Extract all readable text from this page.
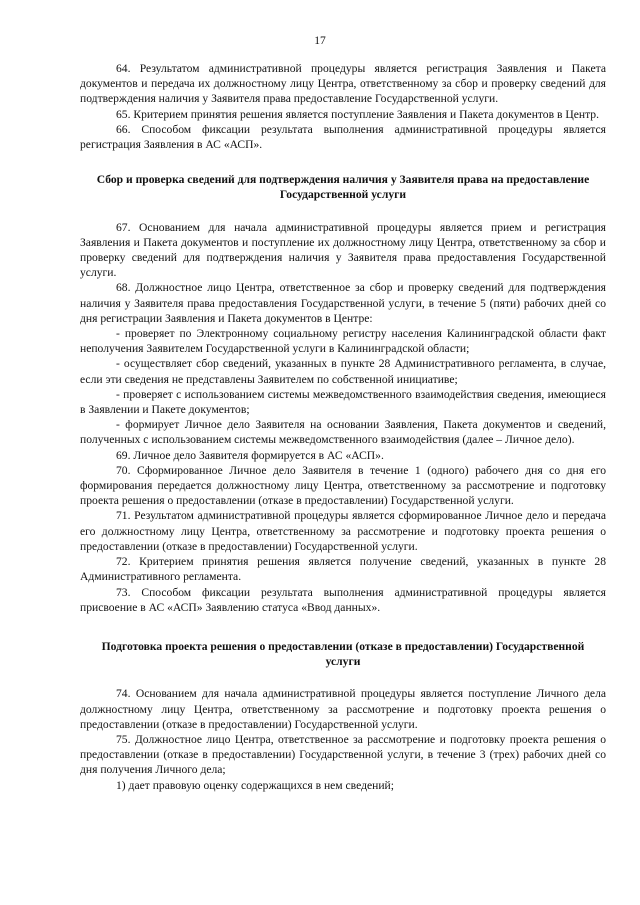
17

64. Результатом административной процедуры является регистрация Заявления и Пакета документов и передача их должностному лицу Центра, ответственному за сбор и проверку сведений для подтверждения наличия у Заявителя права предоставление Государственной услуги.

65. Критерием принятия решения является поступление Заявления и Пакета документов в Центр.

66. Способом фиксации результата выполнения административной процедуры является регистрация Заявления в АС «АСП».

Сбор и проверка сведений для подтверждения наличия у Заявителя права на предоставление Государственной услуги

67. Основанием для начала административной процедуры является прием и регистрация Заявления и Пакета документов и поступление их должностному лицу Центра, ответственному за сбор и проверку сведений для подтверждения наличия у Заявителя права предоставления Государственной услуги.

68. Должностное лицо Центра, ответственное за сбор и проверку сведений для подтверждения наличия у Заявителя права предоставления Государственной услуги, в течение 5 (пяти) рабочих дней со дня регистрации Заявления и Пакета документов в Центре:

- проверяет по Электронному социальному регистру населения Калининградской области факт неполучения Заявителем Государственной услуги в Калининградской области;

- осуществляет сбор сведений, указанных в пункте 28 Административного регламента, в случае, если эти сведения не представлены Заявителем по собственной инициативе;

- проверяет с использованием системы межведомственного взаимодействия сведения, имеющиеся в Заявлении и Пакете документов;

- формирует Личное дело Заявителя на основании Заявления, Пакета документов и сведений, полученных с использованием системы межведомственного взаимодействия (далее – Личное дело).

69. Личное дело Заявителя формируется в АС «АСП».

70. Сформированное Личное дело Заявителя в течение 1 (одного) рабочего дня со дня его формирования передается должностному лицу Центра, ответственному за рассмотрение и подготовку проекта решения о предоставлении (отказе в предоставлении) Государственной услуги.

71. Результатом административной процедуры является сформированное Личное дело и передача его должностному лицу Центра, ответственному за рассмотрение и подготовку проекта решения о предоставлении (отказе в предоставлении) Государственной услуги.

72. Критерием принятия решения является получение сведений, указанных в пункте 28 Административного регламента.

73. Способом фиксации результата выполнения административной процедуры является присвоение в АС «АСП» Заявлению статуса «Ввод данных».

Подготовка проекта решения о предоставлении (отказе в предоставлении) Государственной услуги

74. Основанием для начала административной процедуры является поступление Личного дела должностному лицу Центра, ответственному за рассмотрение и подготовку проекта решения о предоставлении (отказе в предоставлении) Государственной услуги.

75. Должностное лицо Центра, ответственное за рассмотрение и подготовку проекта решения о предоставлении (отказе в предоставлении) Государственной услуги, в течение 3 (трех) рабочих дней со дня получения Личного дела;

1) дает правовую оценку содержащихся в нем сведений;
